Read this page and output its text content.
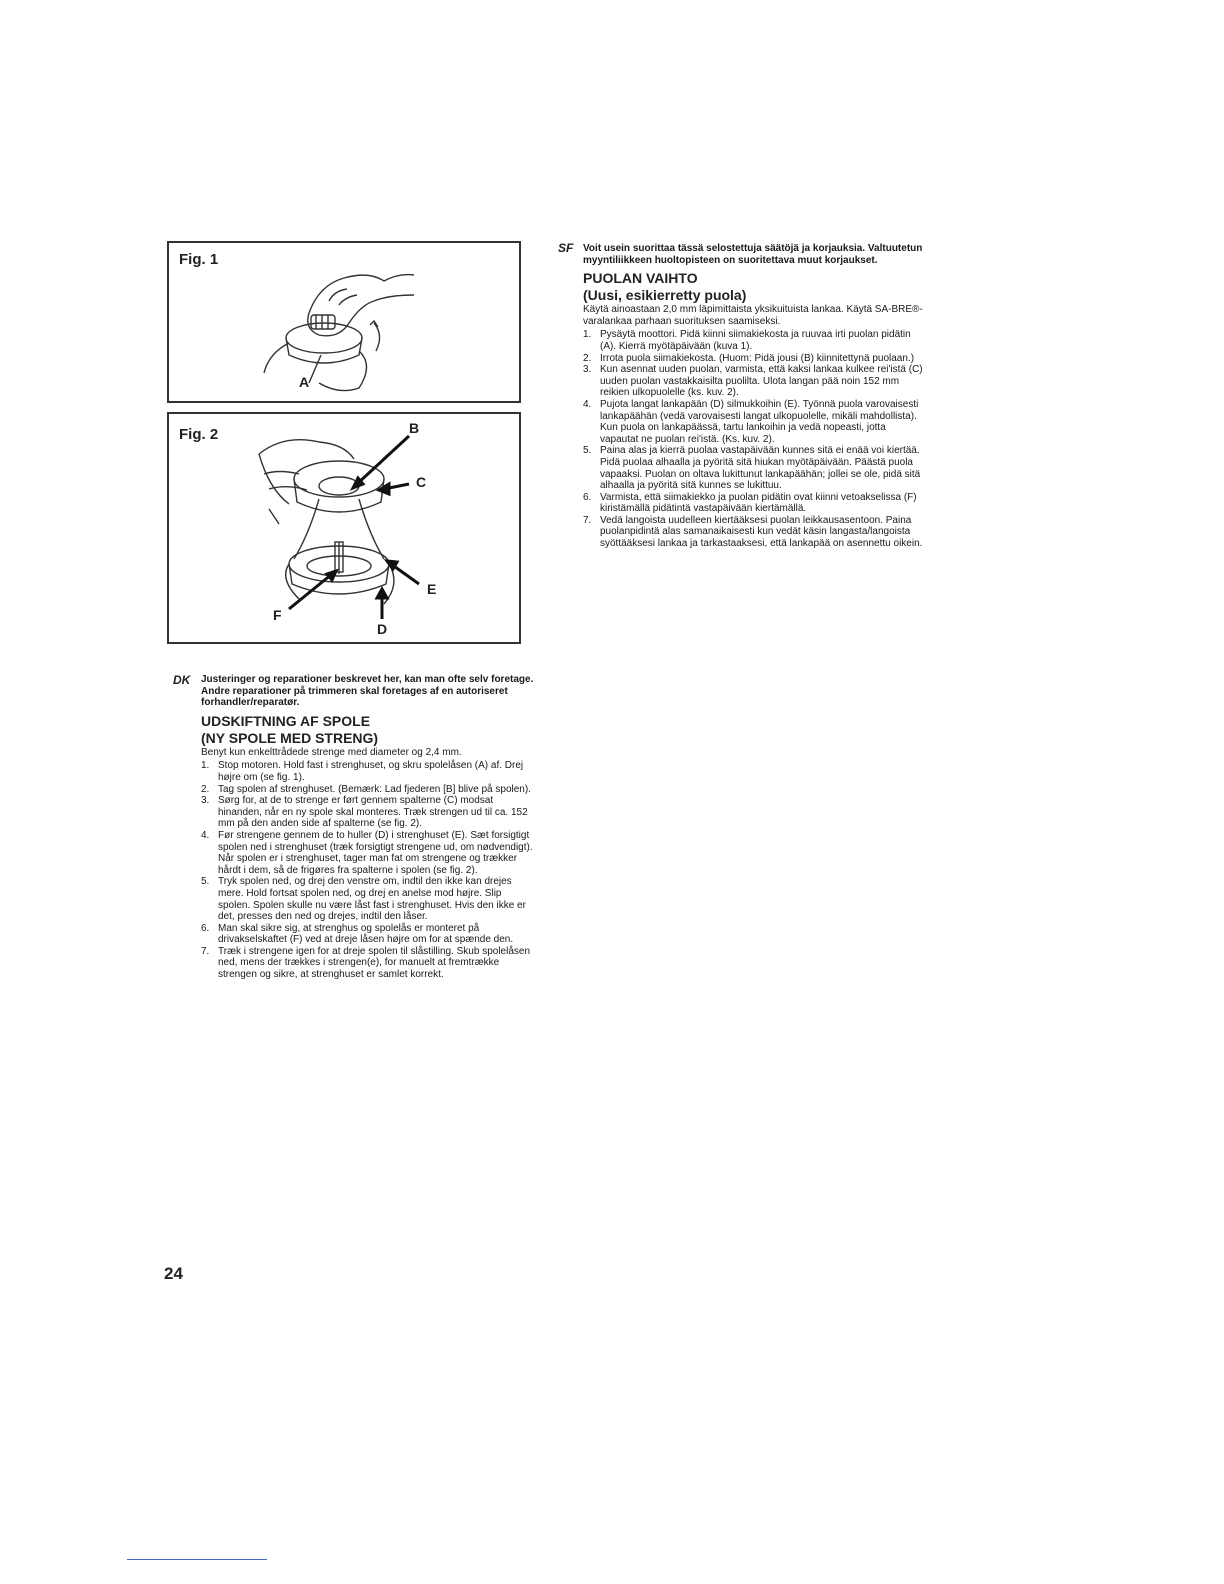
Fig. 1
A
Fig. 2	B
C
E
F
D
DK Justeringer og reparationer beskrevet her, kan man ofte selv foretage. Andre reparationer på trimmeren skal foretages af en autoriseret forhandler/reparatør.

UDSKIFTNING AF SPOLE

(NY SPOLE MED STRENG)

Benyt kun enkelttrådede strenge med diameter og 2,4 mm.

1. Stop motoren. Hold fast i strenghuset, og skru spolelåsen (A) af. Drej højre om (se fig. 1).
2. Tag spolen af strenghuset. (Bemærk: Lad fjederen [B] blive på spolen).
3. Sørg for, at de to strenge er ført gennem spalterne (C) modsat hinanden, når en ny spole skal monteres. Træk strengen ud til ca. 152 mm på den anden side af spalterne (se fig. 2).
4. Før strengene gennem de to huller (D) i strenghuset (E). Sæt forsigtigt spolen ned i strenghuset (træk forsigtigt strengene ud, om nødvendigt). Når spolen er i strenghuset, tager man fat om strengene og trækker hårdt i dem, så de frigøres fra spalterne i spolen (se fig. 2).
5. Tryk spolen ned, og drej den venstre om, indtil den ikke kan drejes mere. Hold fortsat spolen ned, og drej en anelse mod højre. Slip spolen. Spolen skulle nu være låst fast i strenghuset. Hvis den ikke er det, presses den ned og drejes, indtil den låser.
6. Man skal sikre sig, at strenghus og spolelås er monteret på drivakselskaftet (F) ved at dreje låsen højre om for at spænde den.
7. Træk i strengene igen for at dreje spolen til slåstilling. Skub spolelåsen ned, mens der trækkes i strengen(e), for manuelt at fremtrække strengen og sikre, at strenghuset er samlet korrekt.
SF Voit usein suorittaa tässä selostettuja säätöjä ja korjauksia. Valtuutetun myyntiliikkeen huoltopisteen on suoritettava muut korjaukset.

PUOLAN VAIHTO

(Uusi, esikierretty puola)

Käytä ainoastaan 2,0 mm läpimittaista yksikuituista lankaa. Käytä SA-BRE®-varalankaa parhaan suorituksen saamiseksi.

1. Pysäytä moottori. Pidä kiinni siimakiekosta ja ruuvaa irti puolan pidätin (A). Kierrä myötäpäivään (kuva 1).
2. Irrota puola siimakiekosta. (Huom: Pidä jousi (B) kiinnitettynä puolaan.)
3. Kun asennat uuden puolan, varmista, että kaksi lankaa kulkee rei'istä (C) uuden puolan vastakkaisilta puolilta. Ulota langan pää noin 152 mm reikien ulkopuolelle (ks. kuv. 2).
4. Pujota langat lankapään (D) silmukkoihin (E). Työnnä puola varovaisesti lankapäähän (vedä varovaisesti langat ulkopuolelle, mikäli mahdollista). Kun puola on lankapäässä, tartu lankoihin ja vedä nopeasti, jotta vapautat ne puolan rei'istä. (Ks. kuv. 2).
5. Paina alas ja kierrä puolaa vastapäivään kunnes sitä ei enää voi kiertää. Pidä puolaa alhaalla ja pyöritä sitä hiukan myötäpäivään. Päästä puola vapaaksi. Puolan on oltava lukittunut lankapäähän; jollei se ole, pidä sitä alhaalla ja pyöritä sitä kunnes se lukittuu.
6. Varmista, että siimakiekko ja puolan pidätin ovat kiinni vetoakselissa (F) kiristämällä pidätintä vastapäivään kiertämällä.
7. Vedä langoista uudelleen kiertääksesi puolan leikkausasentoon. Paina puolanpidintä alas samanaikaisesti kun vedät käsin langasta/langoista syöttääksesi lankaa ja tarkastaaksesi, että lankapää on asennettu oikein.
24
